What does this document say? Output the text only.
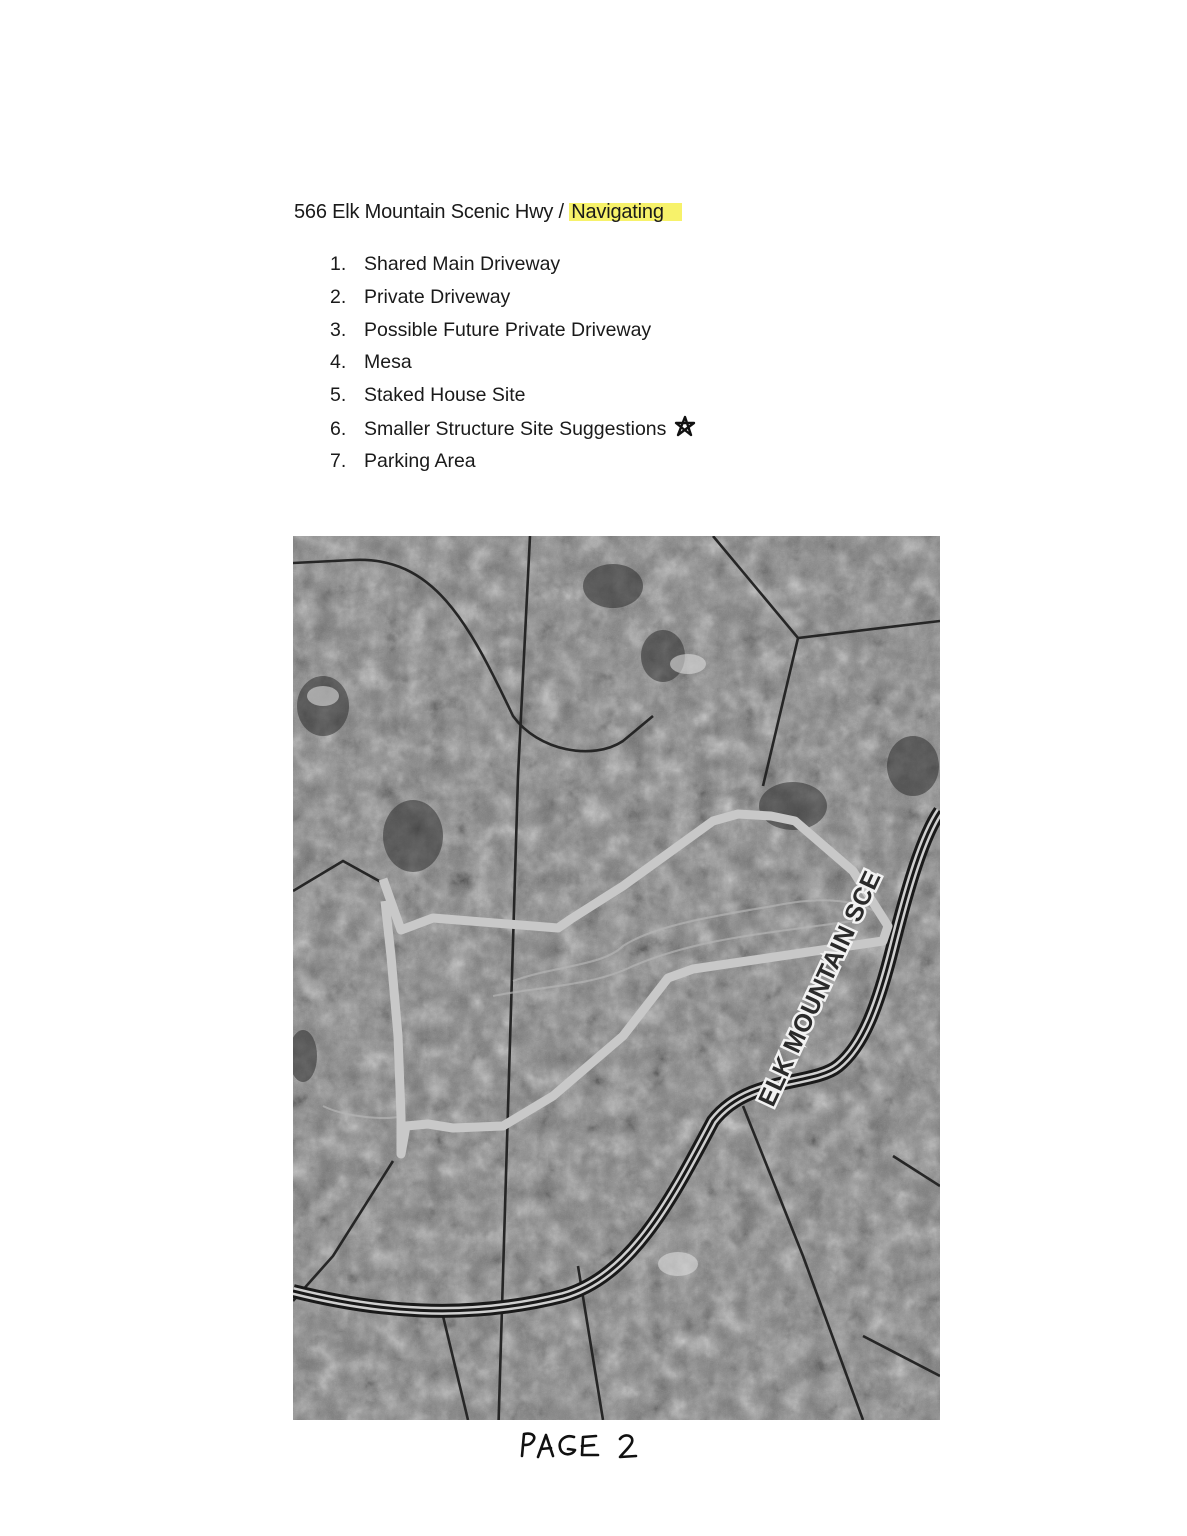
566 Elk Mountain Scenic Hwy / Navigating
1. Shared Main Driveway
2. Private Driveway
3. Possible Future Private Driveway
4. Mesa
5. Staked House Site
6. Smaller Structure Site Suggestions
7. Parking Area
ELK MOUNTAIN SCE
